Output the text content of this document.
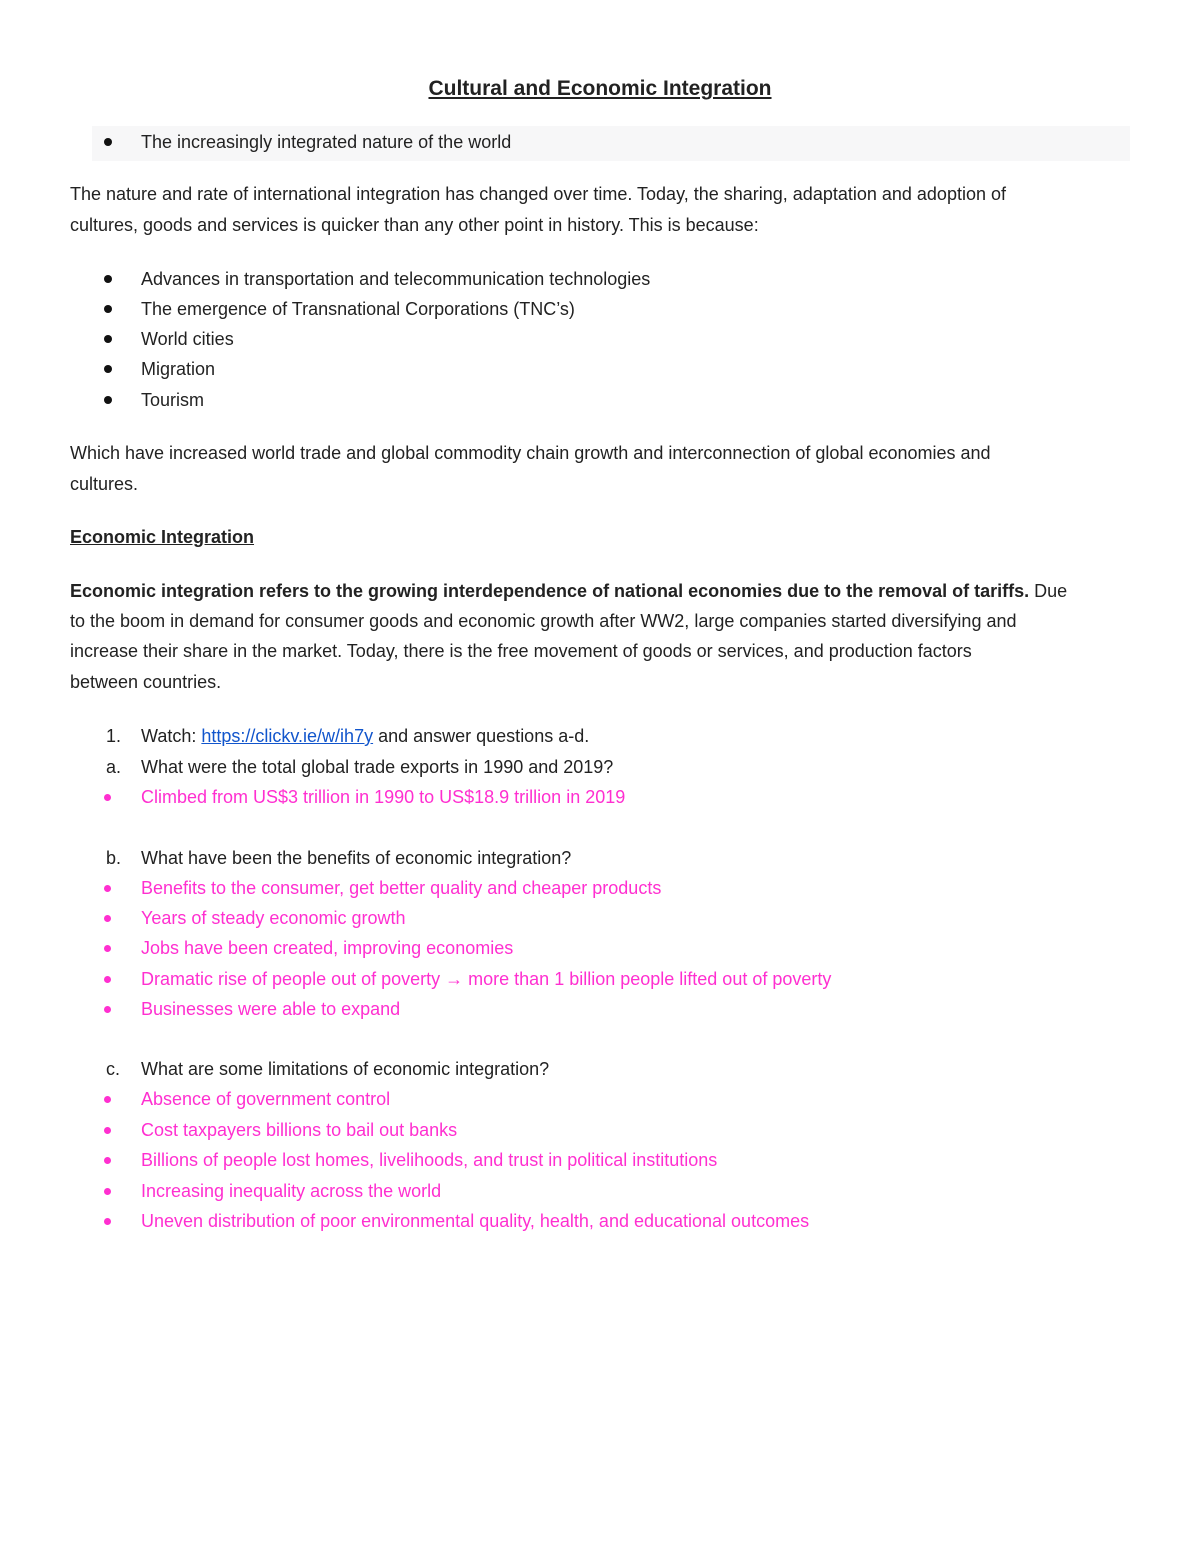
Cultural and Economic Integration
The increasingly integrated nature of the world
The nature and rate of international integration has changed over time. Today, the sharing, adaptation and adoption of
cultures, goods and services is quicker than any other point in history. This is because:
Advances in transportation and telecommunication technologies
The emergence of Transnational Corporations (TNC’s)
World cities
Migration
Tourism
Which have increased world trade and global commodity chain growth and interconnection of global economies and
cultures.
Economic Integration
Economic integration refers to the growing interdependence of national economies due to the removal of tariffs. Due
to the boom in demand for consumer goods and economic growth after WW2, large companies started diversifying and
increase their share in the market. Today, there is the free movement of goods or services, and production factors
between countries.
1. Watch: https://clickv.ie/w/ih7y and answer questions a-d.
a. What were the total global trade exports in 1990 and 2019?
Climbed from US$3 trillion in 1990 to US$18.9 trillion in 2019
b. What have been the benefits of economic integration?
Benefits to the consumer, get better quality and cheaper products
Years of steady economic growth
Jobs have been created, improving economies
Dramatic rise of people out of poverty → more than 1 billion people lifted out of poverty
Businesses were able to expand
c. What are some limitations of economic integration?
Absence of government control
Cost taxpayers billions to bail out banks
Billions of people lost homes, livelihoods, and trust in political institutions
Increasing inequality across the world
Uneven distribution of poor environmental quality, health, and educational outcomes
